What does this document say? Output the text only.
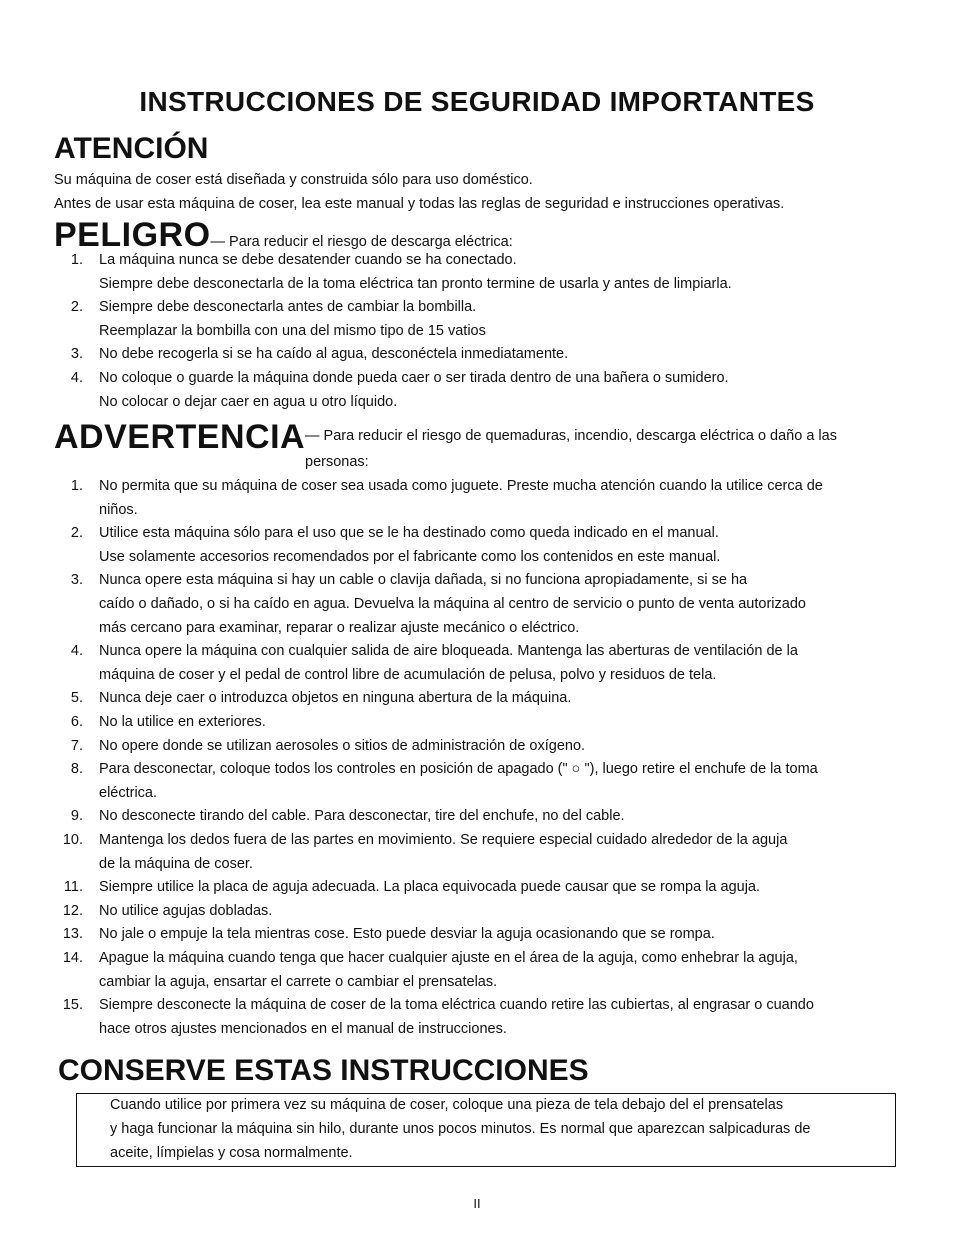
INSTRUCCIONES DE SEGURIDAD IMPORTANTES
ATENCIÓN

Su máquina de coser está diseñada y construida sólo para uso doméstico.

Antes de usar esta máquina de coser, lea este manual y todas las reglas de seguridad e instrucciones operativas.

PELIGRO— Para reducir el riesgo de descarga eléctrica:
1. La máquina nunca se debe desatender cuando se ha conectado.
Siempre debe desconectarla de la toma eléctrica tan pronto termine de usarla y antes de limpiarla.
2. Siempre debe desconectarla antes de cambiar la bombilla.
Reemplazar la bombilla con una del mismo tipo de 15 vatios
3. No debe recogerla si se ha caído al agua, desconéctela inmediatamente.
4. No coloque o guarde la máquina donde pueda caer o ser tirada dentro de una bañera o sumidero.
No colocar o dejar caer en agua u otro líquido.
ADVERTENCIA — Para reducir el riesgo de quemaduras, incendio, descarga eléctrica o daño a las
personas:
1. No permita que su máquina de coser sea usada como juguete. Preste mucha atención cuando la utilice cerca de
niños.
2. Utilice esta máquina sólo para el uso que se le ha destinado como queda indicado en el manual.
Use solamente accesorios recomendados por el fabricante como los contenidos en este manual.
3. Nunca opere esta máquina si hay un cable o clavija dañada, si no funciona apropiadamente, si se ha
caído o dañado, o si ha caído en agua. Devuelva la máquina al centro de servicio o punto de venta autorizado
más cercano para examinar, reparar o realizar ajuste mecánico o eléctrico.
4. Nunca opere la máquina con cualquier salida de aire bloqueada. Mantenga las aberturas de ventilación de la
máquina de coser y el pedal de control libre de acumulación de pelusa, polvo y residuos de tela.
5. Nunca deje caer o introduzca objetos en ninguna abertura de la máquina.
6. No la utilice en exteriores.
7. No opere donde se utilizan aerosoles o sitios de administración de oxígeno.
8. Para desconectar, coloque todos los controles en posición de apagado (" ○ "), luego retire el enchufe de la toma
eléctrica.
9. No desconecte tirando del cable. Para desconectar, tire del enchufe, no del cable.
10. Mantenga los dedos fuera de las partes en movimiento. Se requiere especial cuidado alrededor de la aguja
de la máquina de coser.
11. Siempre utilice la placa de aguja adecuada. La placa equivocada puede causar que se rompa la aguja.
12. No utilice agujas dobladas.
13. No jale o empuje la tela mientras cose. Esto puede desviar la aguja ocasionando que se rompa.
14. Apague la máquina cuando tenga que hacer cualquier ajuste en el área de la aguja, como enhebrar la aguja,
cambiar la aguja, ensartar el carrete o cambiar el prensatelas.
15. Siempre desconecte la máquina de coser de la toma eléctrica cuando retire las cubiertas, al engrasar o cuando
hace otros ajustes mencionados en el manual de instrucciones.
CONSERVE ESTAS INSTRUCCIONES
Cuando utilice por primera vez su máquina de coser, coloque una pieza de tela debajo del el prensatelas
y haga funcionar la máquina sin hilo, durante unos pocos minutos. Es normal que aparezcan salpicaduras de
aceite, límpielas y cosa normalmente.
II
